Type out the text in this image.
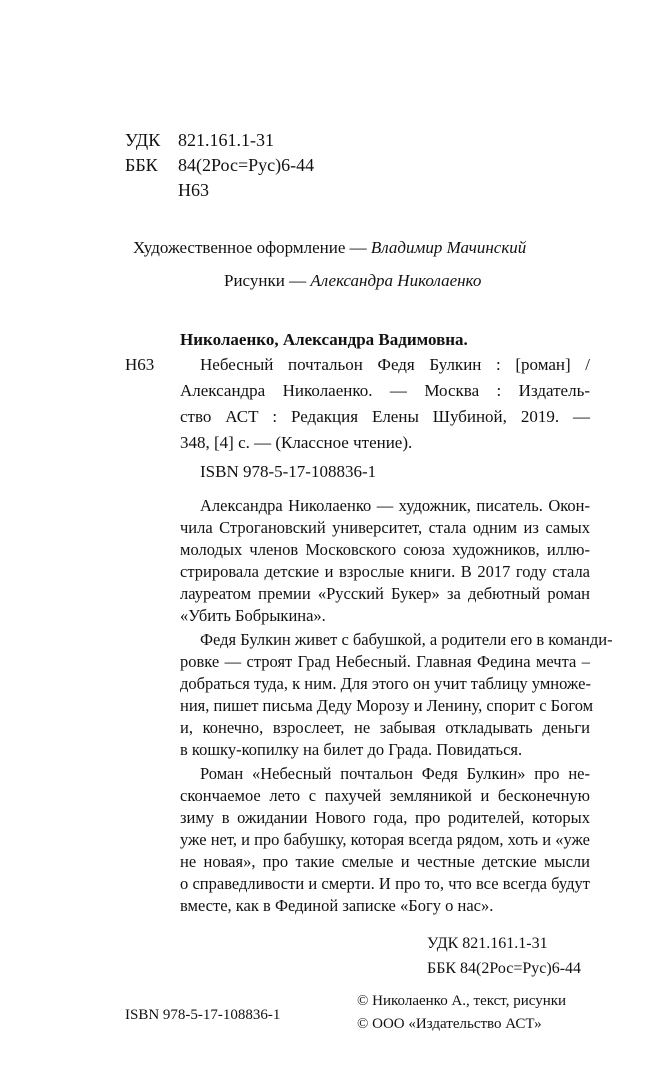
УДК 821.161.1-31
ББК 84(2Рос=Рус)6-44
Н63
Художественное оформление — Владимир Мачинский
Рисунки — Александра Николаенко
Николаенко, Александра Вадимовна.
Н63	Небесный почтальон Федя Булкин : [роман] /
Александра Николаенко. — Москва : Издатель-
ство АСТ : Редакция Елены Шубиной, 2019. —
348, [4] с. — (Классное чтение).
ISBN 978-5-17-108836-1
Александра Николаенко — художник, писатель. Окон-
чила Строгановский университет, стала одним из самых
молодых членов Московского союза художников, иллю-
стрировала детские и взрослые книги. В 2017 году стала
лауреатом премии «Русский Букер» за дебютный роман
«Убить Бобрыкина».
Федя Булкин живет с бабушкой, а родители его в команди-
ровке — строят Град Небесный. Главная Федина мечта –
добраться туда, к ним. Для этого он учит таблицу умноже-
ния, пишет письма Деду Морозу и Ленину, спорит с Богом
и, конечно, взрослеет, не забывая откладывать деньги
в кошку-копилку на билет до Града. Повидаться.
Роман «Небесный почтальон Федя Булкин» про не-
скончаемое лето с пахучей земляникой и бесконечную
зиму в ожидании Нового года, про родителей, которых
уже нет, и про бабушку, которая всегда рядом, хоть и «уже
не новая», про такие смелые и честные детские мысли
о справедливости и смерти. И про то, что все всегда будут
вместе, как в Фединой записке «Богу о нас».
УДК 821.161.1-31
ББК 84(2Рос=Рус)6-44
ISBN 978-5-17-108836-1
© Николаенко А., текст, рисунки
© ООО «Издательство АСТ»
